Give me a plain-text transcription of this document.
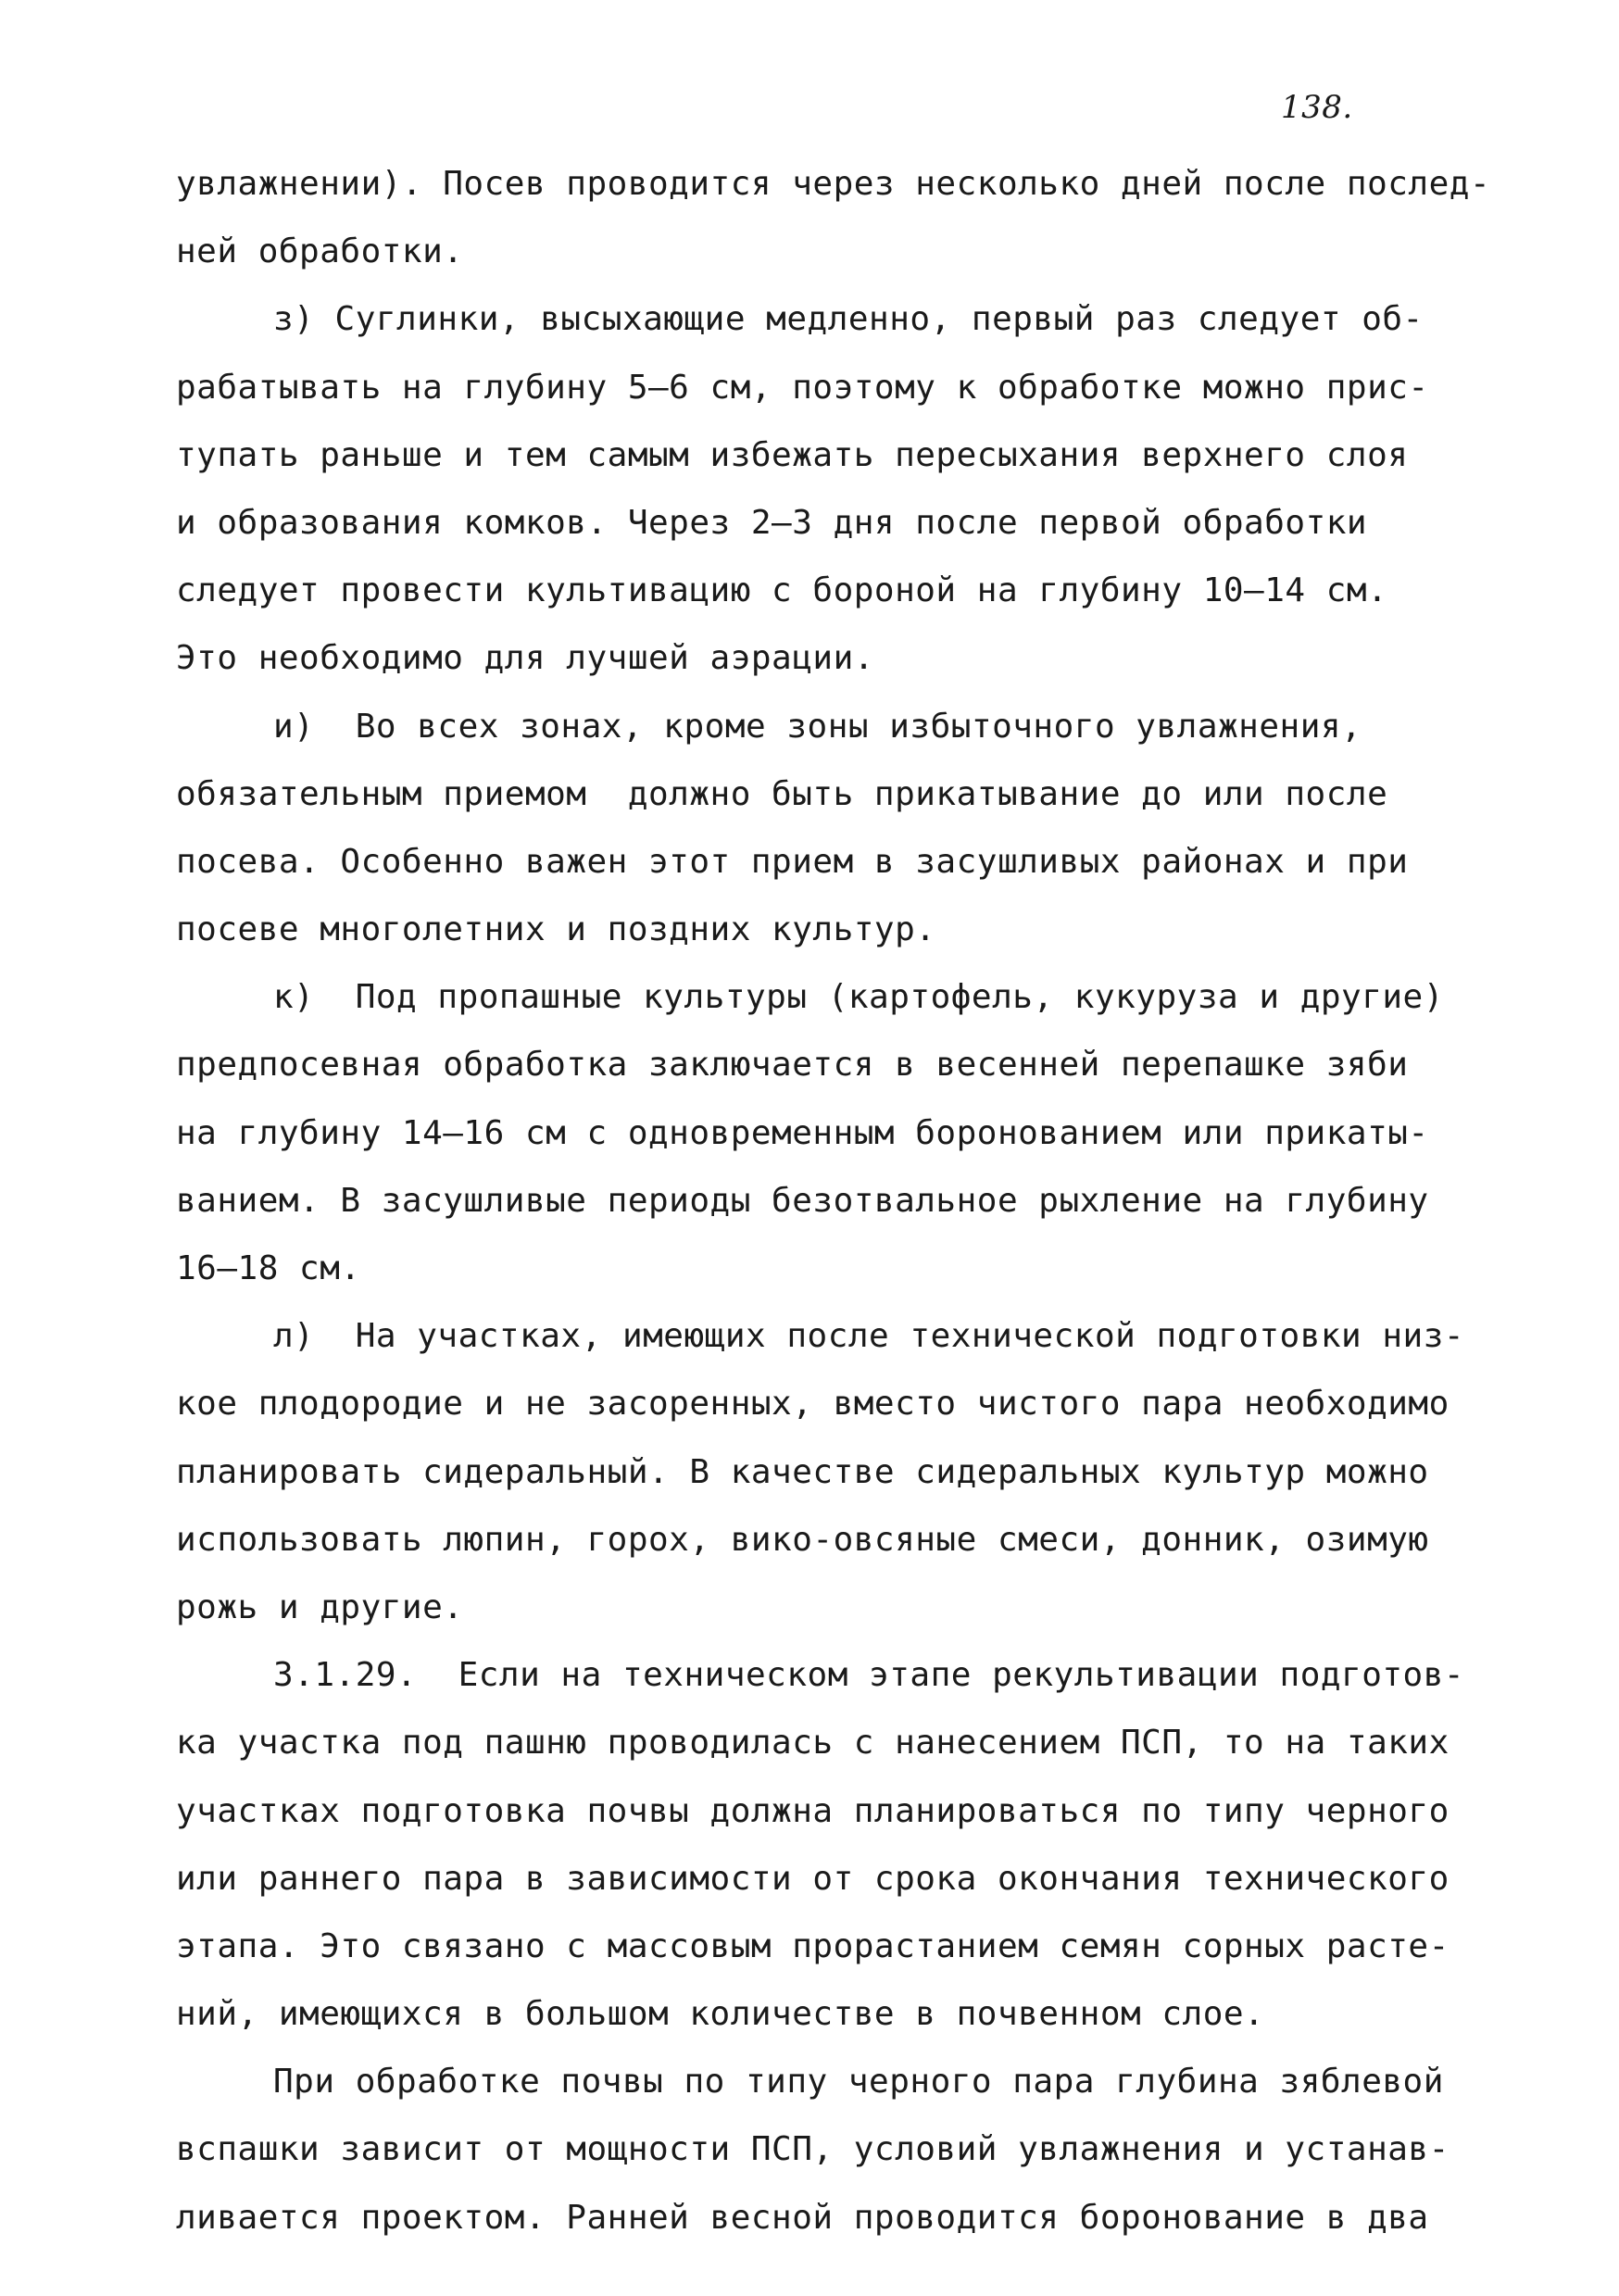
138.
увлажнении). Посев проводится через несколько дней после послед-
ней обработки.
з) Суглинки, высыхающие медленно, первый раз следует об-
рабатывать на глубину 5–6 см, поэтому к обработке можно прис-
тупать раньше и тем самым избежать пересыхания верхнего слоя
и образования комков. Через 2–3 дня после первой обработки
следует провести культивацию с бороной на глубину 10–14 см.
Это необходимо для лучшей аэрации.
и)  Во всех зонах, кроме зоны избыточного увлажнения,
обязательным приемом  должно быть прикатывание до или после
посева. Особенно важен этот прием в засушливых районах и при
посеве многолетних и поздних культур.
к)  Под пропашные культуры (картофель, кукуруза и другие)
предпосевная обработка заключается в весенней перепашке зяби
на глубину 14–16 см с одновременным боронованием или прикаты-
ванием. В засушливые периоды безотвальное рыхление на глубину
16–18 см.
л)  На участках, имеющих после технической подготовки низ-
кое плодородие и не засоренных, вместо чистого пара необходимо
планировать сидеральный. В качестве сидеральных культур можно
использовать люпин, горох, вико-овсяные смеси, донник, озимую
рожь и другие.
3.1.29.  Если на техническом этапе рекультивации подготов-
ка участка под пашню проводилась с нанесением ПСП, то на таких
участках подготовка почвы должна планироваться по типу черного
или раннего пара в зависимости от срока окончания технического
этапа. Это связано с массовым прорастанием семян сорных расте-
ний, имеющихся в большом количестве в почвенном слое.
При обработке почвы по типу черного пара глубина зяблевой
вспашки зависит от мощности ПСП, условий увлажнения и устанав-
ливается проектом. Ранней весной проводится боронование в два
